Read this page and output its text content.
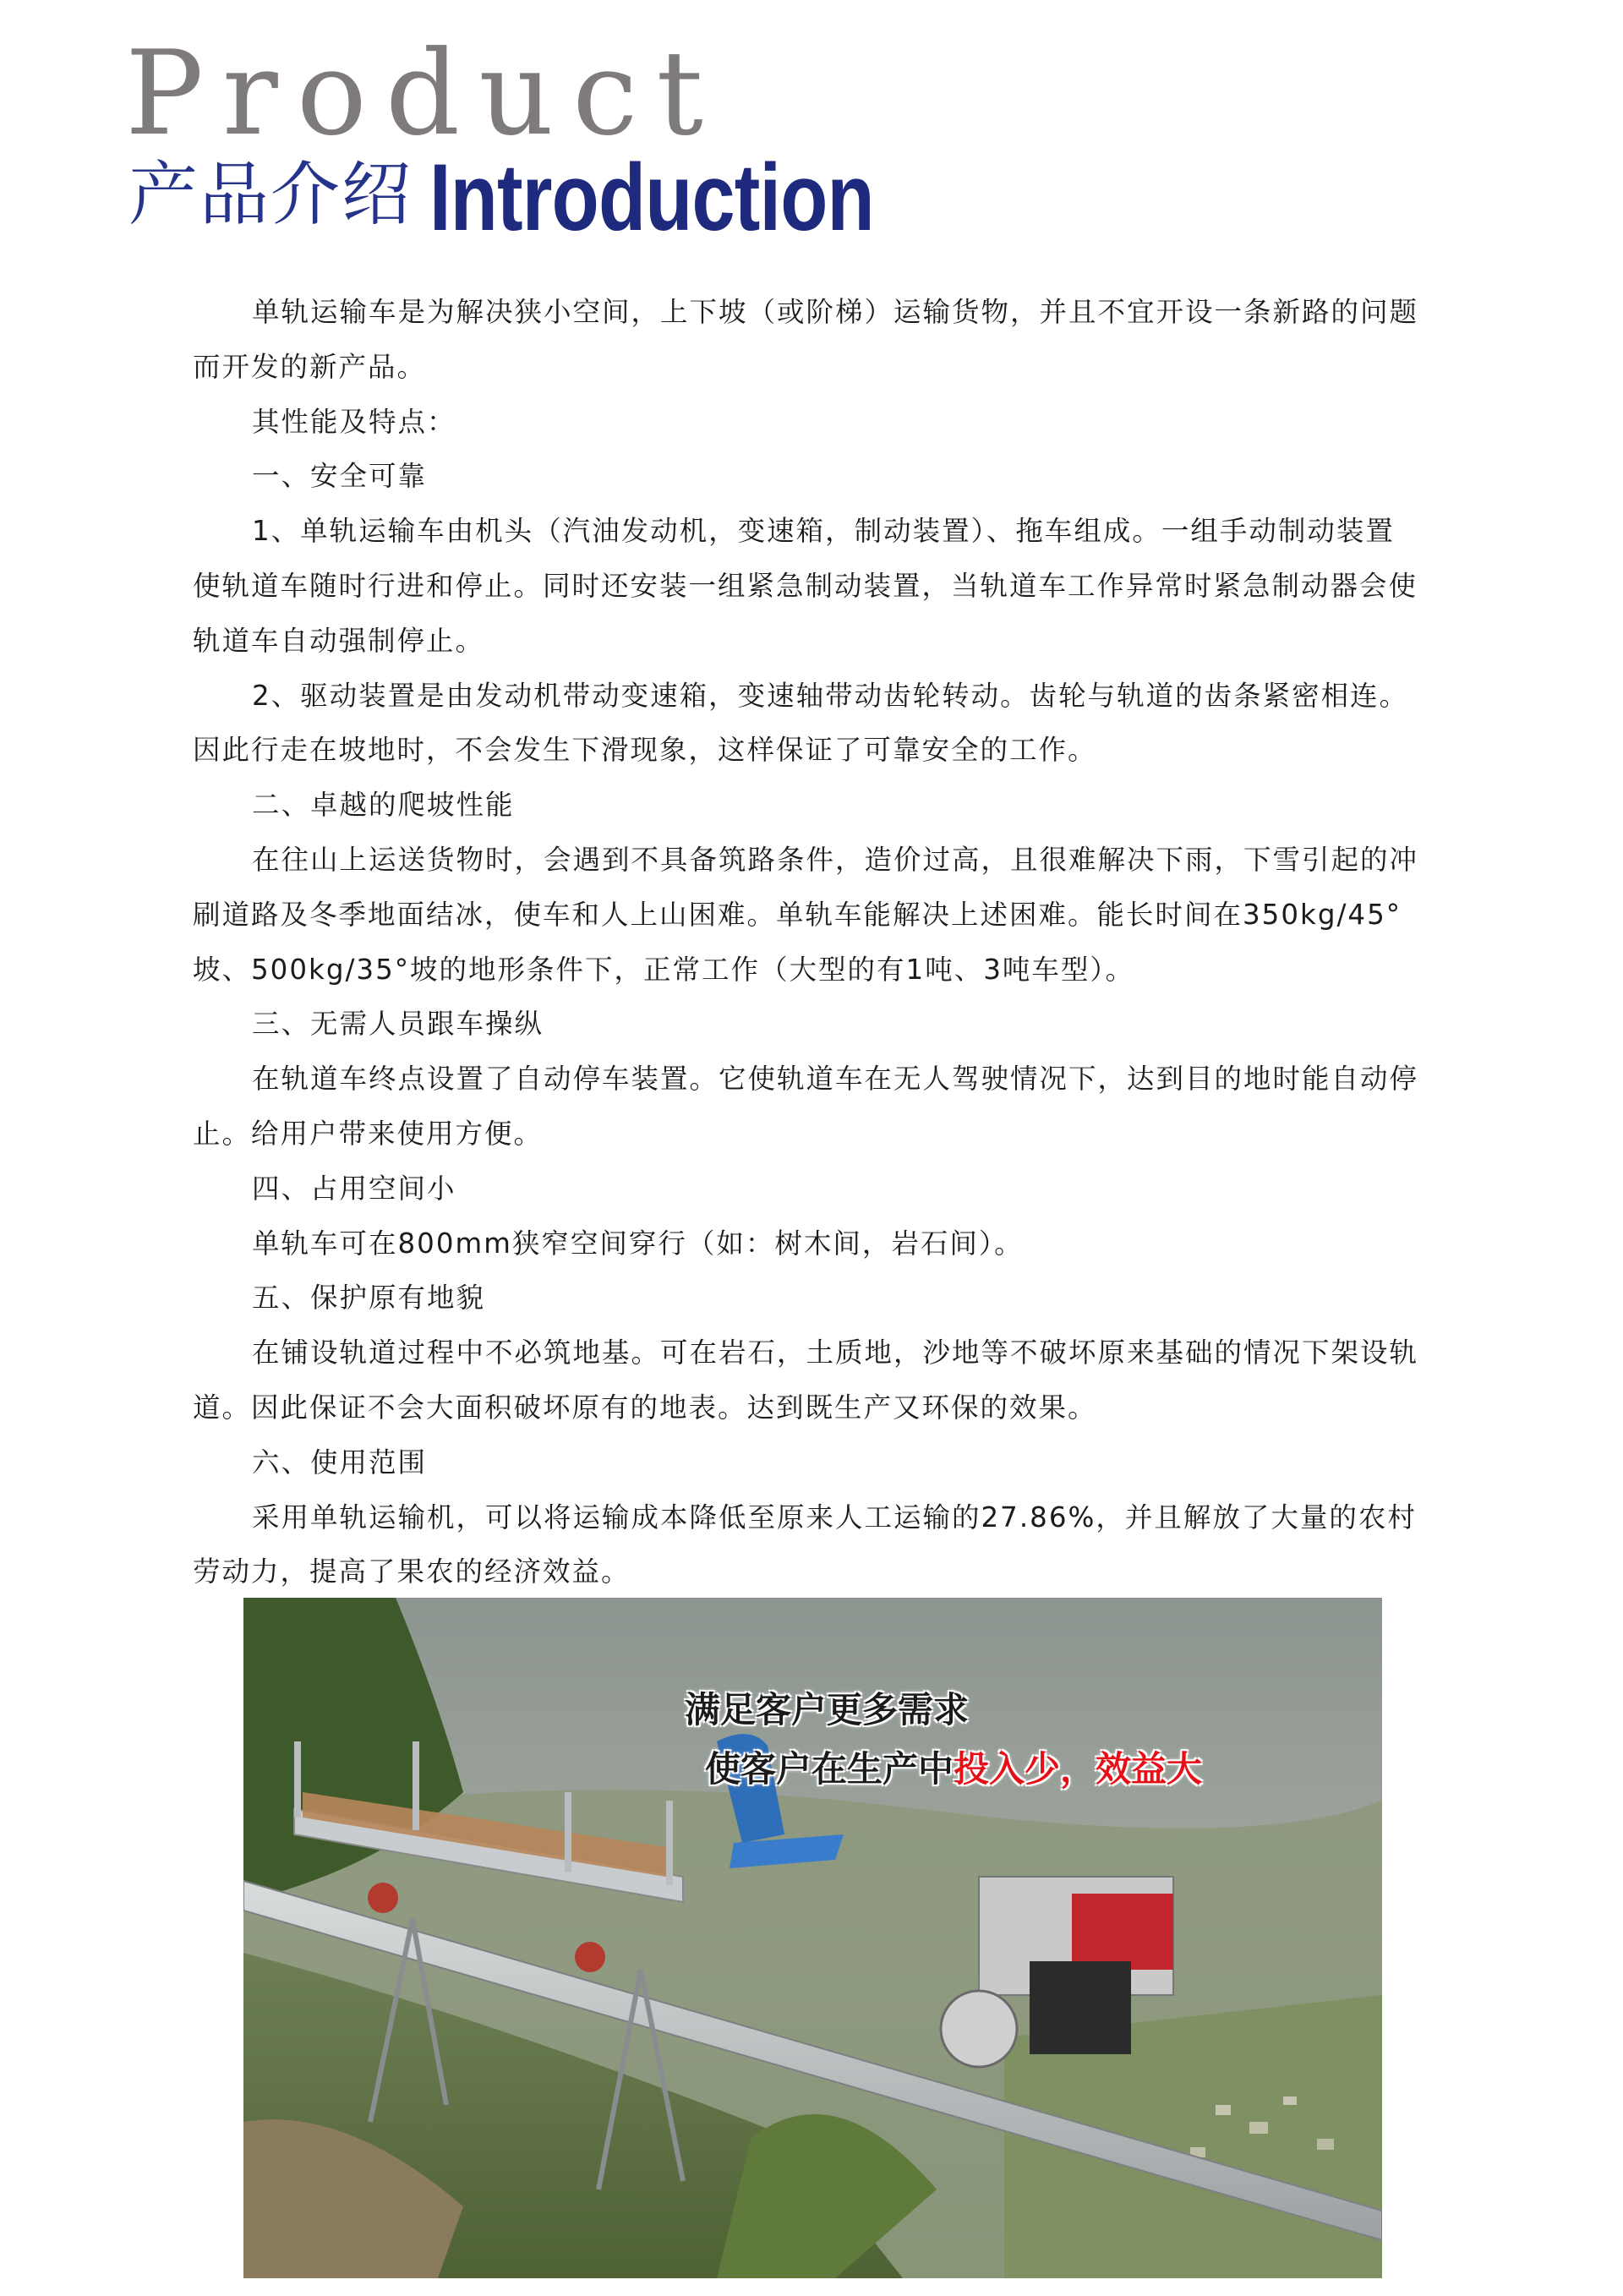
Product
产品介绍 Introduction

单轨运输车是为解决狭小空间，上下坡（或阶梯）运输货物，并且不宜开设一条新路的问题而开发的新产品。

其性能及特点：

一、安全可靠

1、单轨运输车由机头（汽油发动机，变速箱，制动装置）、拖车组成。一组手动制动装置使轨道车随时行进和停止。同时还安装一组紧急制动装置，当轨道车工作异常时紧急制动器会使轨道车自动强制停止。

2、驱动装置是由发动机带动变速箱，变速轴带动齿轮转动。齿轮与轨道的齿条紧密相连。因此行走在坡地时，不会发生下滑现象，这样保证了可靠安全的工作。

二、卓越的爬坡性能

在往山上运送货物时，会遇到不具备筑路条件，造价过高，且很难解决下雨，下雪引起的冲刷道路及冬季地面结冰，使车和人上山困难。单轨车能解决上述困难。能长时间在350kg/45°坡、500kg/35°坡的地形条件下，正常工作（大型的有1吨、3吨车型）。

三、无需人员跟车操纵

在轨道车终点设置了自动停车装置。它使轨道车在无人驾驶情况下，达到目的地时能自动停止。给用户带来使用方便。

四、占用空间小

单轨车可在800mm狭窄空间穿行（如：树木间，岩石间）。

五、保护原有地貌

在铺设轨道过程中不必筑地基。可在岩石，土质地，沙地等不破坏原来基础的情况下架设轨道。因此保证不会大面积破坏原有的地表。达到既生产又环保的效果。

六、使用范围

采用单轨运输机，可以将运输成本降低至原来人工运输的27.86%，并且解放了大量的农村劳动力，提高了果农的经济效益。

满足客户更多需求
使客户在生产中投入少，效益大
